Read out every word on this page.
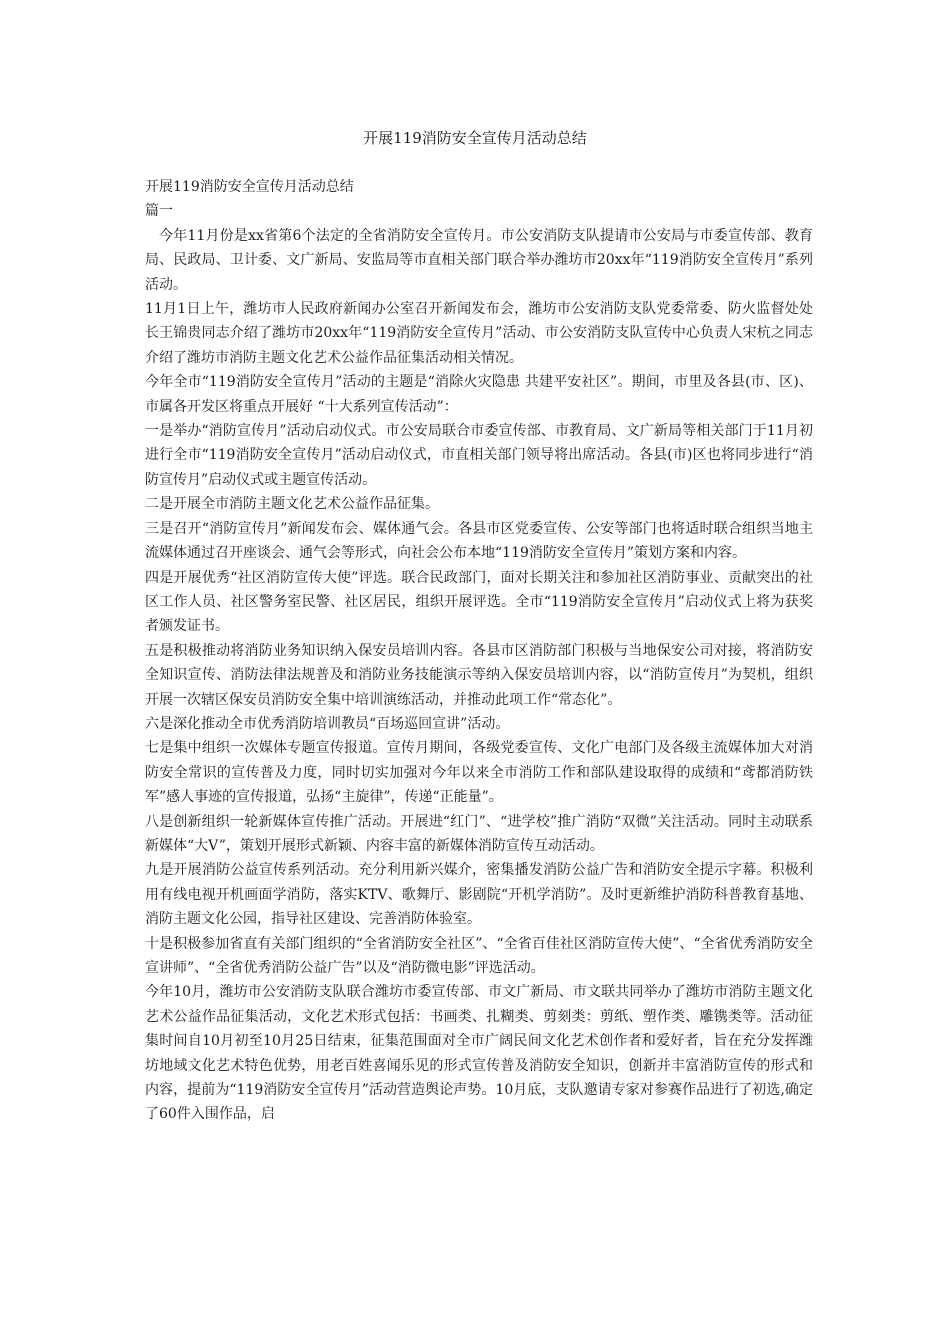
开展119消防安全宣传月活动总结

开展119消防安全宣传月活动总结

篇一

今年11月份是xx省第6个法定的全省消防安全宣传月。市公安消防支队提请市公安局与市委宣传部、教育局、民政局、卫计委、文广新局、安监局等市直相关部门联合举办潍坊市20xx年“119消防安全宣传月”系列活动。

11月1日上午，潍坊市人民政府新闻办公室召开新闻发布会，潍坊市公安消防支队党委常委、防火监督处处长王锦贵同志介绍了潍坊市20xx年“119消防安全宣传月”活动、市公安消防支队宣传中心负责人宋杭之同志介绍了潍坊市消防主题文化艺术公益作品征集活动相关情况。

今年全市“119消防安全宣传月”活动的主题是“消除火灾隐患 共建平安社区”。期间，市里及各县(市、区)、市属各开发区将重点开展好 “十大系列宣传活动”：

一是举办“消防宣传月”活动启动仪式。市公安局联合市委宣传部、市教育局、文广新局等相关部门于11月初进行全市“119消防安全宣传月”活动启动仪式，市直相关部门领导将出席活动。各县(市)区也将同步进行“消防宣传月”启动仪式或主题宣传活动。

二是开展全市消防主题文化艺术公益作品征集。

三是召开“消防宣传月”新闻发布会、媒体通气会。各县市区党委宣传、公安等部门也将适时联合组织当地主流媒体通过召开座谈会、通气会等形式，向社会公布本地“119消防安全宣传月”策划方案和内容。

四是开展优秀“社区消防宣传大使”评选。联合民政部门，面对长期关注和参加社区消防事业、贡献突出的社区工作人员、社区警务室民警、社区居民，组织开展评选。全市“119消防安全宣传月”启动仪式上将为获奖者颁发证书。

五是积极推动将消防业务知识纳入保安员培训内容。各县市区消防部门积极与当地保安公司对接，将消防安全知识宣传、消防法律法规普及和消防业务技能演示等纳入保安员培训内容，以“消防宣传月”为契机，组织开展一次辖区保安员消防安全集中培训演练活动，并推动此项工作“常态化”。

六是深化推动全市优秀消防培训教员“百场巡回宣讲”活动。

七是集中组织一次媒体专题宣传报道。宣传月期间，各级党委宣传、文化广电部门及各级主流媒体加大对消防安全常识的宣传普及力度，同时切实加强对今年以来全市消防工作和部队建设取得的成绩和“鸢都消防铁军”感人事迹的宣传报道，弘扬“主旋律”，传递“正能量”。

八是创新组织一轮新媒体宣传推广活动。开展进“红门”、“进学校”推广消防“双微”关注活动。同时主动联系新媒体“大V”，策划开展形式新颖、内容丰富的新媒体消防宣传互动活动。

九是开展消防公益宣传系列活动。充分利用新兴媒介，密集播发消防公益广告和消防安全提示字幕。积极利用有线电视开机画面学消防，落实KTV、歌舞厅、影剧院“开机学消防”。及时更新维护消防科普教育基地、消防主题文化公园，指导社区建设、完善消防体验室。

十是积极参加省直有关部门组织的“全省消防安全社区”、“全省百佳社区消防宣传大使”、“全省优秀消防安全宣讲师”、“全省优秀消防公益广告”以及“消防微电影”评选活动。

今年10月，潍坊市公安消防支队联合潍坊市委宣传部、市文广新局、市文联共同举办了潍坊市消防主题文化艺术公益作品征集活动，文化艺术形式包括：书画类、扎糊类、剪刻类：剪纸、塑作类、雕镌类等。活动征集时间自10月初至10月25日结束，征集范围面对全市广阔民间文化艺术创作者和爱好者，旨在充分发挥潍坊地域文化艺术特色优势，用老百姓喜闻乐见的形式宣传普及消防安全知识，创新并丰富消防宣传的形式和内容，提前为“119消防安全宣传月”活动营造舆论声势。10月底，支队邀请专家对参赛作品进行了初选,确定了60件入围作品，启
